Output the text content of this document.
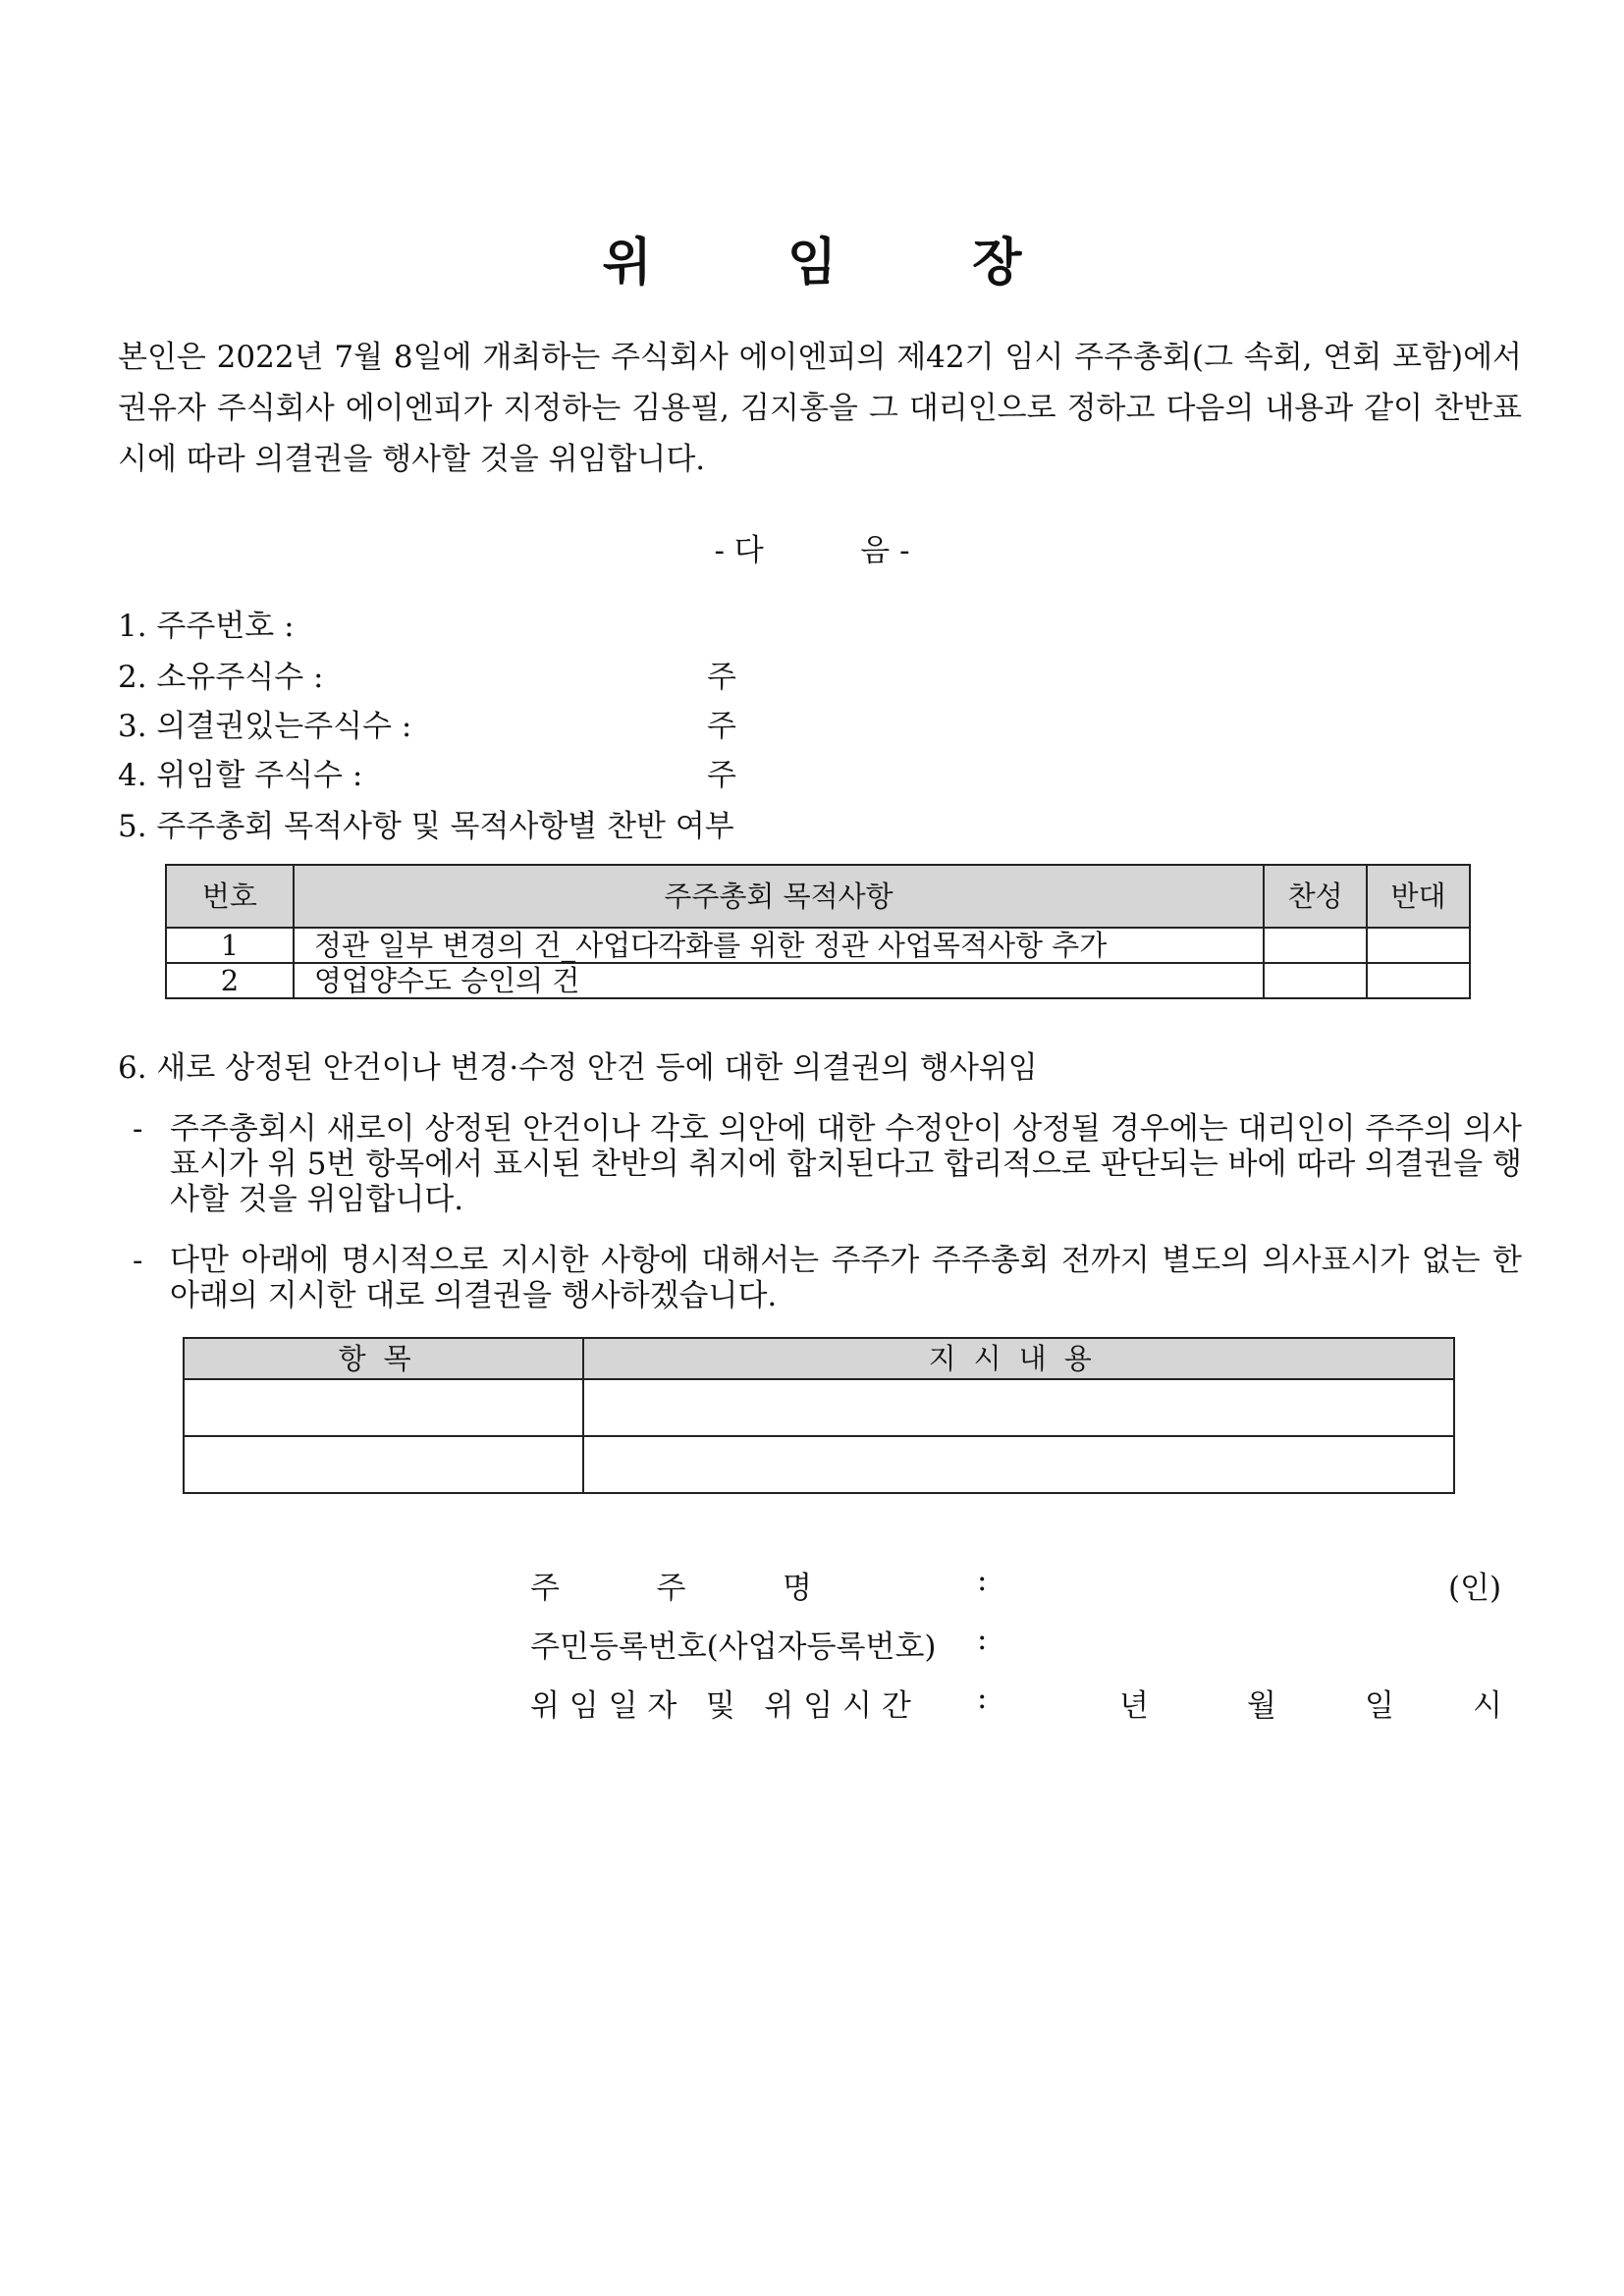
위 임 장
본인은 2022년 7월 8일에 개최하는 주식회사 에이엔피의 제42기 임시 주주총회(그 속회, 연회 포함)에서 권유자 주식회사 에이엔피가 지정하는 김용필, 김지홍을 그 대리인으로 정하고 다음의 내용과 같이 찬반표시에 따라 의결권을 행사할 것을 위임합니다.
- 다          음 -
1. 주주번호 :
2. 소유주식수 :	주
3. 의결권있는주식수 :	주
4. 위임할 주식수 :	주
5. 주주총회 목적사항 및 목적사항별 찬반 여부
번호	주주총회 목적사항	찬성	반대
1	정관 일부 변경의 건_사업다각화를 위한 정관 사업목적사항 추가		
2	영업양수도 승인의 건		
6. 새로 상정된 안건이나 변경·수정 안건 등에 대한 의결권의 행사위임
- 주주총회시 새로이 상정된 안건이나 각호 의안에 대한 수정안이 상정될 경우에는 대리인이 주주의 의사표시가 위 5번 항목에서 표시된 찬반의 취지에 합치된다고 합리적으로 판단되는 바에 따라 의결권을 행사할 것을 위임합니다.
- 다만 아래에 명시적으로 지시한 사항에 대해서는 주주가 주주총회 전까지 별도의 의사표시가 없는 한 아래의 지시한 대로 의결권을 행사하겠습니다.
항목	지시내용

주          주          명	:	(인)
주민등록번호(사업자등록번호) :
위 임 일 자   및   위 임 시 간 :	년	월	일	시
